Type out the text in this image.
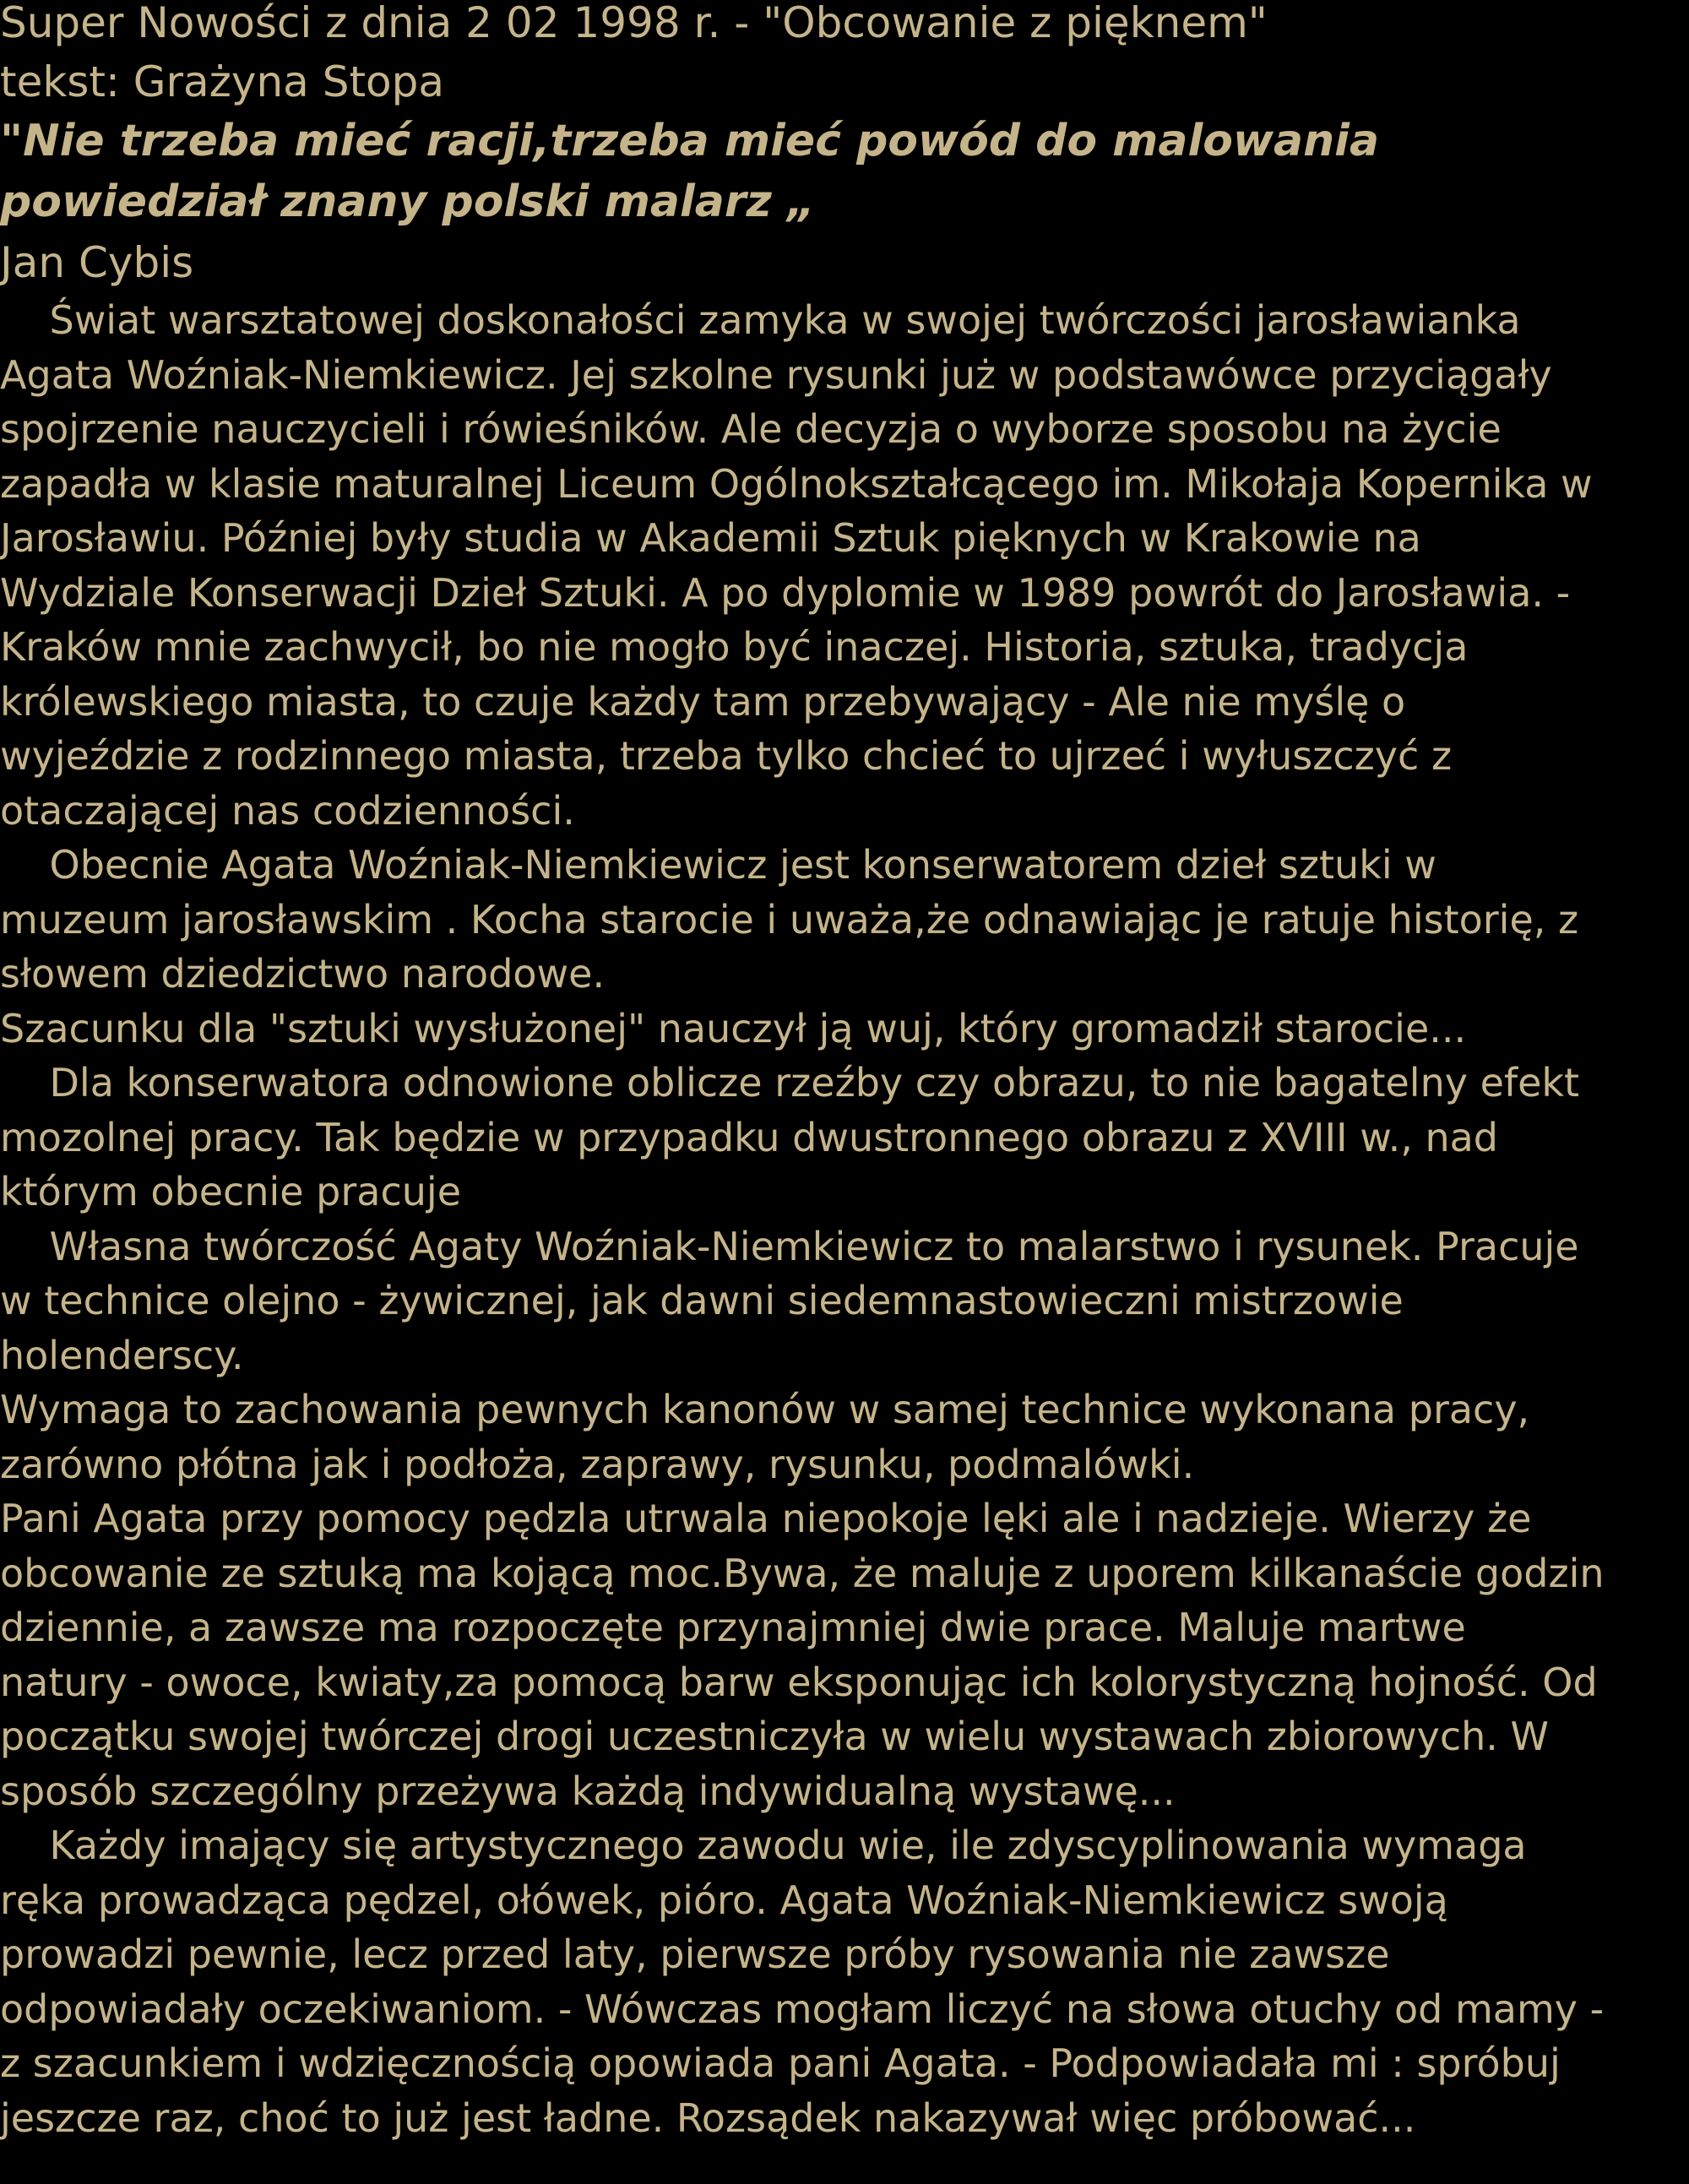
Super Nowości z dnia 2 02 1998 r. - "Obcowanie z pięknem"

tekst: Grażyna Stopa

"Nie trzeba mieć racji,trzeba mieć powód do malowania

powiedział znany polski malarz „

Jan Cybis

Świat warsztatowej doskonałości zamyka w swojej twórczości jarosławianka

Agata Woźniak-Niemkiewicz. Jej szkolne rysunki już w podstawówce przyciągały

spojrzenie nauczycieli i rówieśników. Ale decyzja o wyborze sposobu na życie

zapadła w klasie maturalnej Liceum Ogólnokształcącego im. Mikołaja Kopernika w

Jarosławiu. Później były studia w Akademii Sztuk pięknych w Krakowie na

Wydziale Konserwacji Dzieł Sztuki. A po dyplomie w 1989 powrót do Jarosławia. -

Kraków mnie zachwycił, bo nie mogło być inaczej. Historia, sztuka, tradycja

królewskiego miasta, to czuje każdy tam przebywający - Ale nie myślę o

wyjeździe z rodzinnego miasta, trzeba tylko chcieć to ujrzeć i wyłuszczyć z

otaczającej nas codzienności.

Obecnie Agata Woźniak-Niemkiewicz jest konserwatorem dzieł sztuki w

muzeum jarosławskim . Kocha starocie i uważa,że odnawiając je ratuje historię, z

słowem dziedzictwo narodowe.

Szacunku dla "sztuki wysłużonej" nauczył ją wuj, który gromadził starocie...

Dla konserwatora odnowione oblicze rzeźby czy obrazu, to nie bagatelny efekt

mozolnej pracy. Tak będzie w przypadku dwustronnego obrazu z XVIII w., nad

którym obecnie pracuje

Własna twórczość Agaty Woźniak-Niemkiewicz to malarstwo i rysunek. Pracuje

w technice olejno - żywicznej, jak dawni siedemnastowieczni mistrzowie

holenderscy.

Wymaga to zachowania pewnych kanonów w samej technice wykonana pracy,

zarówno płótna jak i podłoża, zaprawy, rysunku, podmalówki.

Pani Agata przy pomocy pędzla utrwala niepokoje lęki ale i nadzieje. Wierzy że

obcowanie ze sztuką ma kojącą moc.Bywa, że maluje z uporem kilkanaście godzin

dziennie, a zawsze ma rozpoczęte przynajmniej dwie prace. Maluje martwe

natury - owoce, kwiaty,za pomocą barw eksponując ich kolorystyczną hojność. Od

początku swojej twórczej drogi uczestniczyła w wielu wystawach zbiorowych. W

sposób szczególny przeżywa każdą indywidualną wystawę...

Każdy imający się artystycznego zawodu wie, ile zdyscyplinowania wymaga

ręka prowadząca pędzel, ołówek, pióro. Agata Woźniak-Niemkiewicz swoją

prowadzi pewnie, lecz przed laty, pierwsze próby rysowania nie zawsze

odpowiadały oczekiwaniom. - Wówczas mogłam liczyć na słowa otuchy od mamy -

z szacunkiem i wdzięcznością opowiada pani Agata. - Podpowiadała mi : spróbuj

jeszcze raz, choć to już jest ładne. Rozsądek nakazywał więc próbować...
